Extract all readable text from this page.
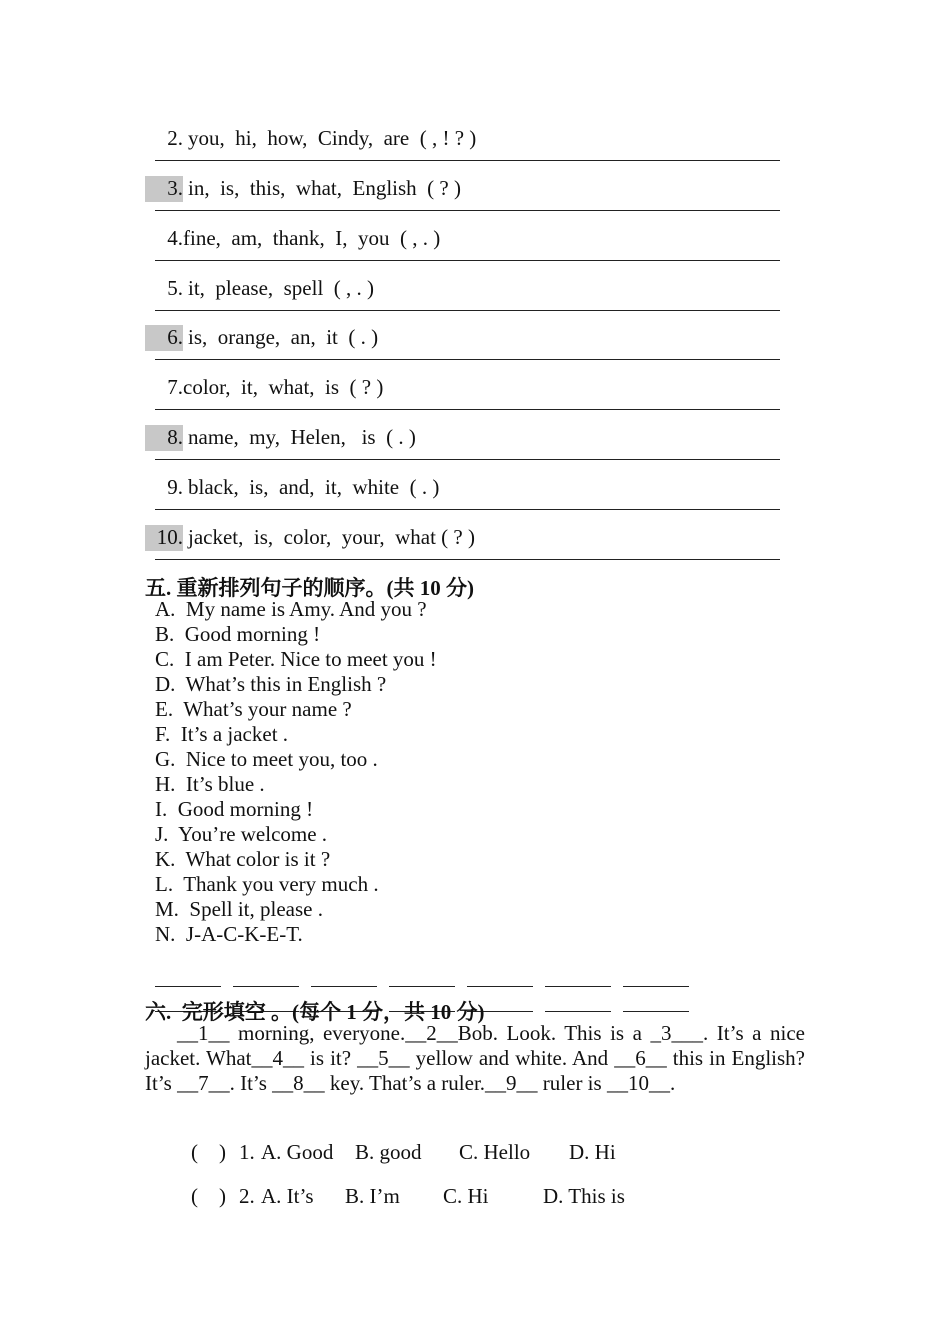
2. you,  hi,  how,  Cindy,  are  ( , ! ? )
3. in,  is,  this,  what,  English  ( ? )
4. fine,  am,  thank,  I,  you  ( , . )
5. it,  please,  spell  ( , . )
6. is,  orange,  an,  it  ( . )
7. color,  it,  what,  is  ( ? )
8. name,  my,  Helen,   is  ( . )
9. black,  is,  and,  it,  white  ( . )
10. jacket,  is,  color,  your,  what ( ? )
五. 重新排列句子的顺序。(共 10 分)
A.  My name is Amy. And you ?
B.  Good morning !
C.  I am Peter. Nice to meet you !
D.  What’s this in English ?
E.  What’s your name ?
F.  It’s a jacket .
G.  Nice to meet you, too .
H.  It’s blue .
I.  Good morning !
J.  You’re welcome .
K.  What color is it ?
L.  Thank you very much .
M.  Spell it, please .
N.  J-A-C-K-E-T.
六.  完形填空 。(每个 1 分，共 10 分)

__1__ morning, everyone.__2__Bob. Look. This is a _3___. It’s a nice jacket. What__4__ is it? __5__ yellow and white. And __6__ this in English? It’s __7__. It’s __8__ key. That’s a ruler.__9__ ruler is __10__.

(    ) 1. A. Good B. good C. Hello D. Hi

(    ) 2. A. It’s B. I’m C. Hi	D. This is
